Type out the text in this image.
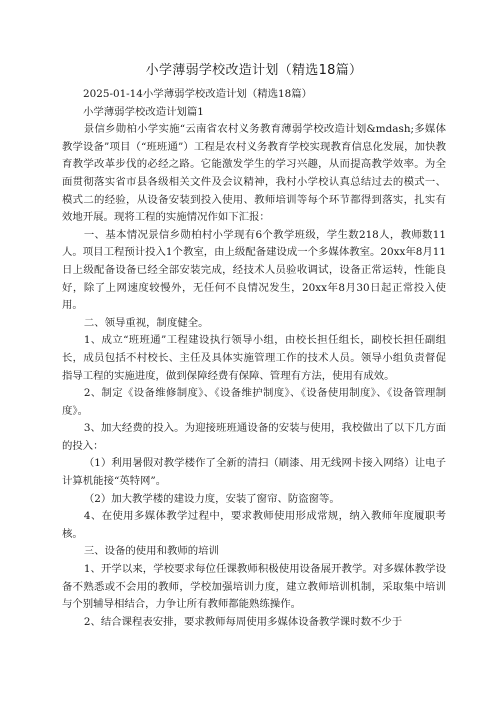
小学薄弱学校改造计划（精选18篇）
2025-01-14小学薄弱学校改造计划（精选18篇）
小学薄弱学校改造计划篇1

景信乡勋柏小学实施“云南省农村义务教育薄弱学校改造计划&mdash;多媒体教学设备”项目（“班班通”）工程是农村义务教育学校实现教育信息化发展，加快教育教学改革步伐的必经之路。它能激发学生的学习兴趣，从而提高教学效率。为全面贯彻落实省市县各级相关文件及会议精神，我村小学校认真总结过去的模式一、模式二的经验，从设备安装到投入使用、教师培训等每个环节都得到落实，扎实有效地开展。现将工程的实施情况作如下汇报：

一、基本情况景信乡勋柏村小学现有6个教学班级，学生数218人，教师数11人。项目工程预计投入1个教室，由上级配备建设成一个多媒体教室。20xx年8月11日上级配备设备已经全部安装完成，经技术人员验收调试，设备正常运转，性能良好，除了上网速度较慢外，无任何不良情况发生，20xx年8月30日起正常投入使用。

二、领导重视，制度健全。

1、成立“班班通”工程建设执行领导小组，由校长担任组长，副校长担任副组长，成员包括不村校长、主任及具体实施管理工作的技术人员。领导小组负责督促指导工程的实施进度，做到保障经费有保障、管理有方法，使用有成效。

2、制定《设备维修制度》、《设备维护制度》、《设备使用制度》、《设备管理制度》。

3、加大经费的投入。为迎接班班通设备的安装与使用，我校做出了以下几方面的投入：

（1）利用暑假对教学楼作了全新的清扫（刷漆、用无线网卡接入网络）让电子计算机能接“英特网”。

（2）加大教学楼的建设力度，安装了窗帘、防盗窗等。

4、在使用多媒体教学过程中，要求教师使用形成常规，纳入教师年度履职考核。

三、设备的使用和教师的培训

1、开学以来，学校要求每位任课教师积极使用设备展开教学。对多媒体教学设备不熟悉或不会用的教师，学校加强培训力度，建立教师培训机制，采取集中培训与个别辅导相结合，力争让所有教师都能熟练操作。

2、结合课程表安排，要求教师每周使用多媒体设备教学课时数不少于
